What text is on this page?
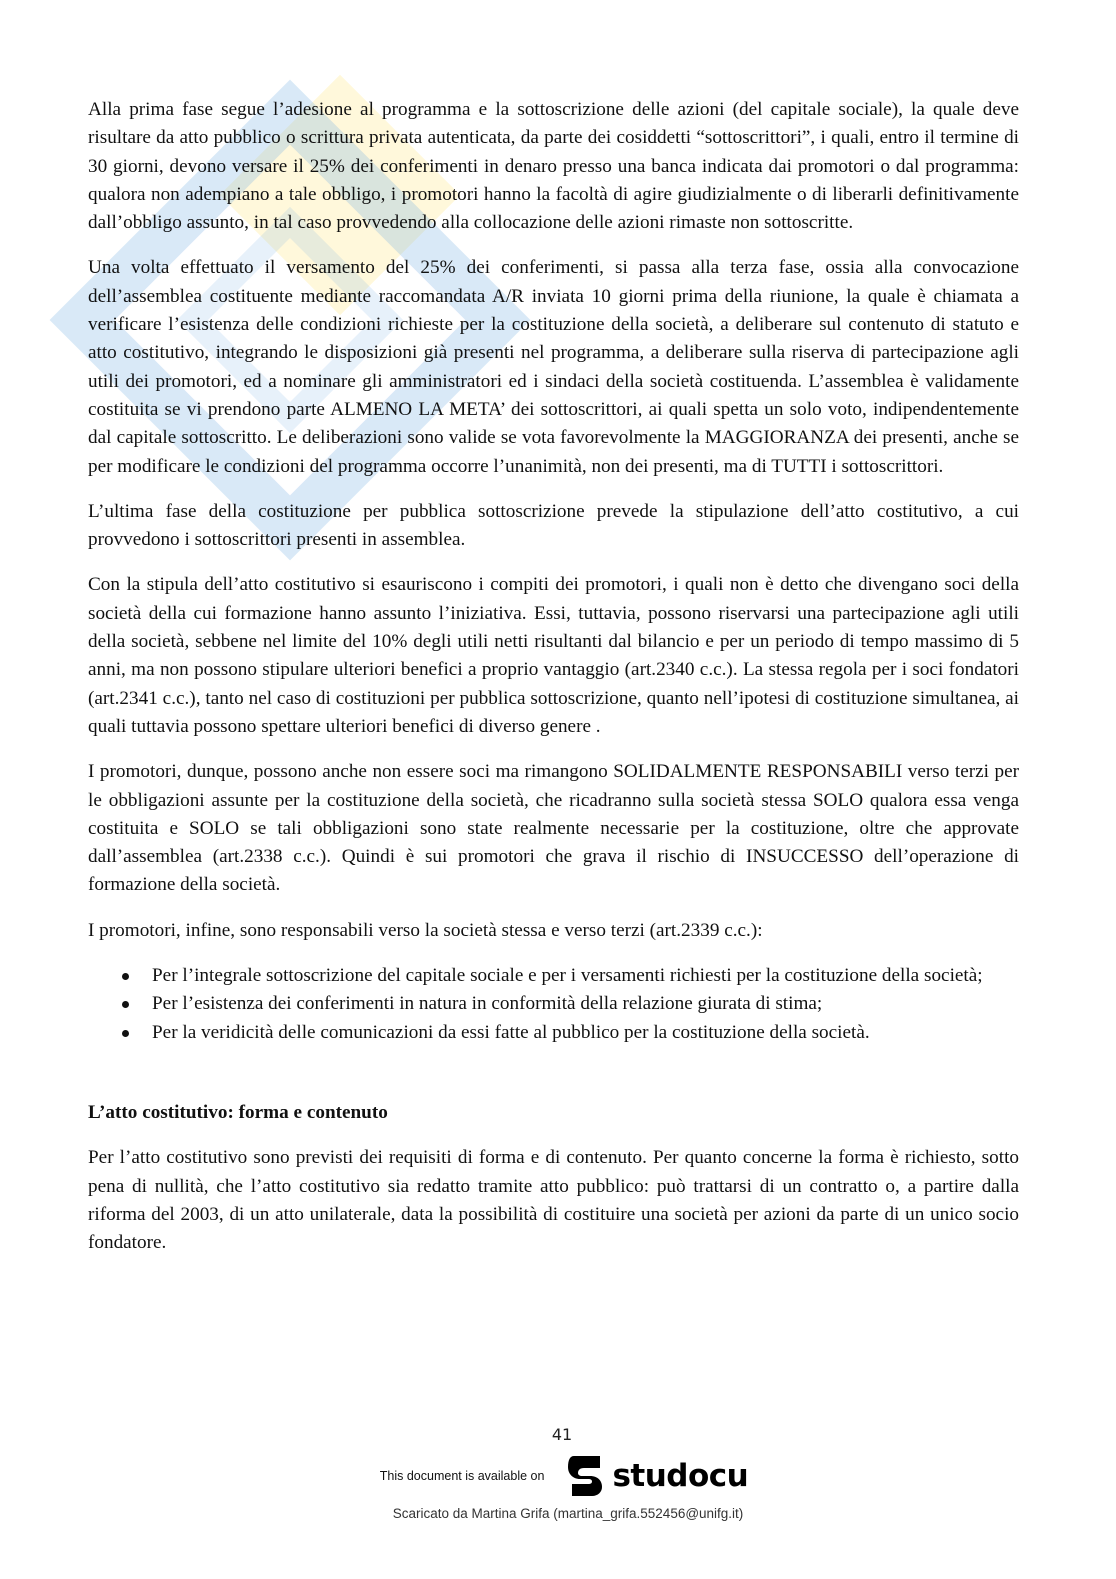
Alla prima fase segue l’adesione al programma e la sottoscrizione delle azioni (del capitale sociale), la quale deve risultare da atto pubblico o scrittura privata autenticata, da parte dei cosiddetti “sottoscrittori”, i quali, entro il termine di 30 giorni, devono versare il 25% dei conferimenti in denaro presso una banca indicata dai promotori o dal programma: qualora non adempiano a tale obbligo, i promotori hanno la facoltà di agire giudizialmente o di liberarli definitivamente dall’obbligo assunto, in tal caso provvedendo alla collocazione delle azioni rimaste non sottoscritte.

Una volta effettuato il versamento del 25% dei conferimenti, si passa alla terza fase, ossia alla convocazione dell’assemblea costituente mediante raccomandata A/R inviata 10 giorni prima della riunione, la quale è chiamata a verificare l’esistenza delle condizioni richieste per la costituzione della società, a deliberare sul contenuto di statuto e atto costitutivo, integrando le disposizioni già presenti nel programma, a deliberare sulla riserva di partecipazione agli utili dei promotori, ed a nominare gli amministratori ed i sindaci della società costituenda. L’assemblea è validamente costituita se vi prendono parte ALMENO LA META’ dei sottoscrittori, ai quali spetta un solo voto, indipendentemente dal capitale sottoscritto. Le deliberazioni sono valide se vota favorevolmente la MAGGIORANZA dei presenti, anche se per modificare le condizioni del programma occorre l’unanimità, non dei presenti, ma di TUTTI i sottoscrittori.

L’ultima fase della costituzione per pubblica sottoscrizione prevede la stipulazione dell’atto costitutivo, a cui provvedono i sottoscrittori presenti in assemblea.

Con la stipula dell’atto costitutivo si esauriscono i compiti dei promotori, i quali non è detto che divengano soci della società della cui formazione hanno assunto l’iniziativa. Essi, tuttavia, possono riservarsi una partecipazione agli utili della società, sebbene nel limite del 10% degli utili netti risultanti dal bilancio e per un periodo di tempo massimo di 5 anni, ma non possono stipulare ulteriori benefici a proprio vantaggio (art.2340 c.c.). La stessa regola per i soci fondatori (art.2341 c.c.), tanto nel caso di costituzioni per pubblica sottoscrizione, quanto nell’ipotesi di costituzione simultanea, ai quali tuttavia possono spettare ulteriori benefici di diverso genere .

I promotori, dunque, possono anche non essere soci ma rimangono SOLIDALMENTE RESPONSABILI verso terzi per le obbligazioni assunte per la costituzione della società, che ricadranno sulla società stessa SOLO qualora essa venga costituita e SOLO se tali obbligazioni sono state realmente necessarie per la costituzione, oltre che approvate dall’assemblea (art.2338 c.c.). Quindi è sui promotori che grava il rischio di INSUCCESSO dell’operazione di formazione della società.

I promotori, infine, sono responsabili verso la società stessa e verso terzi (art.2339 c.c.):

Per l’integrale sottoscrizione del capitale sociale e per i versamenti richiesti per la costituzione della società;
Per l’esistenza dei conferimenti in natura in conformità della relazione giurata di stima;
Per la veridicità delle comunicazioni da essi fatte al pubblico per la costituzione della società.
L’atto costitutivo: forma e contenuto

Per l’atto costitutivo sono previsti dei requisiti di forma e di contenuto. Per quanto concerne la forma è richiesto, sotto pena di nullità, che l’atto costitutivo sia redatto tramite atto pubblico: può trattarsi di un contratto o, a partire dalla riforma del 2003, di un atto unilaterale, data la possibilità di costituire una società per azioni da parte di un unico socio fondatore.

41
This document is available on studocu
Scaricato da Martina Grifa (martina_grifa.552456@unifg.it)
